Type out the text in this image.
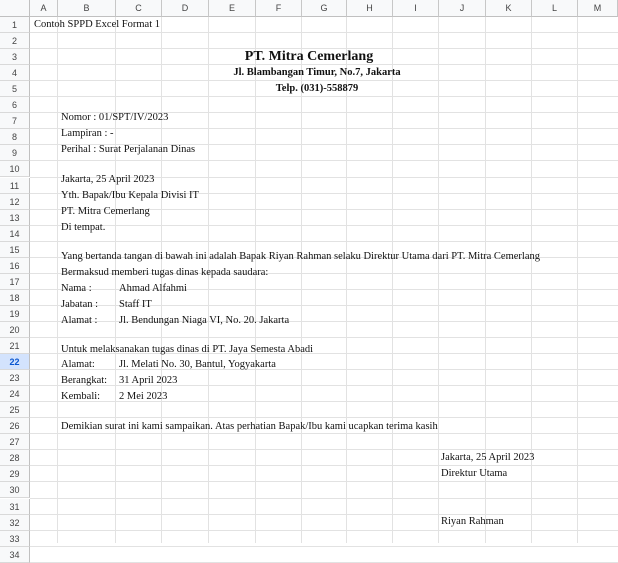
A	B	C	D	E	F	G	H	I	J	K	L	M
1
2
3
4
5
6
7
8
9
10
11
12
13
14
15
16
17
18
19
20
21
22
23
24
25
26
27
28
29
30
31
32
33
34
Contoh SPPD Excel Format 1
PT. Mitra Cemerlang
Jl. Blambangan Timur, No.7, Jakarta
Telp. (031)-558879
Nomor : 01/SPT/IV/2023
Lampiran : -
Perihal : Surat Perjalanan Dinas
Jakarta, 25 April 2023
Yth. Bapak/Ibu Kepala Divisi IT
PT. Mitra Cemerlang
Di tempat.
Yang bertanda tangan di bawah ini adalah Bapak Riyan Rahman selaku Direktur Utama dari PT. Mitra Cemerlang
Bermaksud memberi tugas dinas kepada saudara:
Nama :	Ahmad Alfahmi
Jabatan : Staff IT
Alamat : Jl. Bendungan Niaga VI, No. 20. Jakarta
Untuk melaksanakan tugas dinas di PT. Jaya Semesta Abadi
Alamat: Jl. Melati No. 30, Bantul, Yogyakarta
Berangkat: 31 April 2023
Kembali: 2 Mei 2023
Demikian surat ini kami sampaikan. Atas perhatian Bapak/Ibu kami ucapkan terima kasih
Jakarta, 25 April 2023
Direktur Utama
Riyan Rahman
